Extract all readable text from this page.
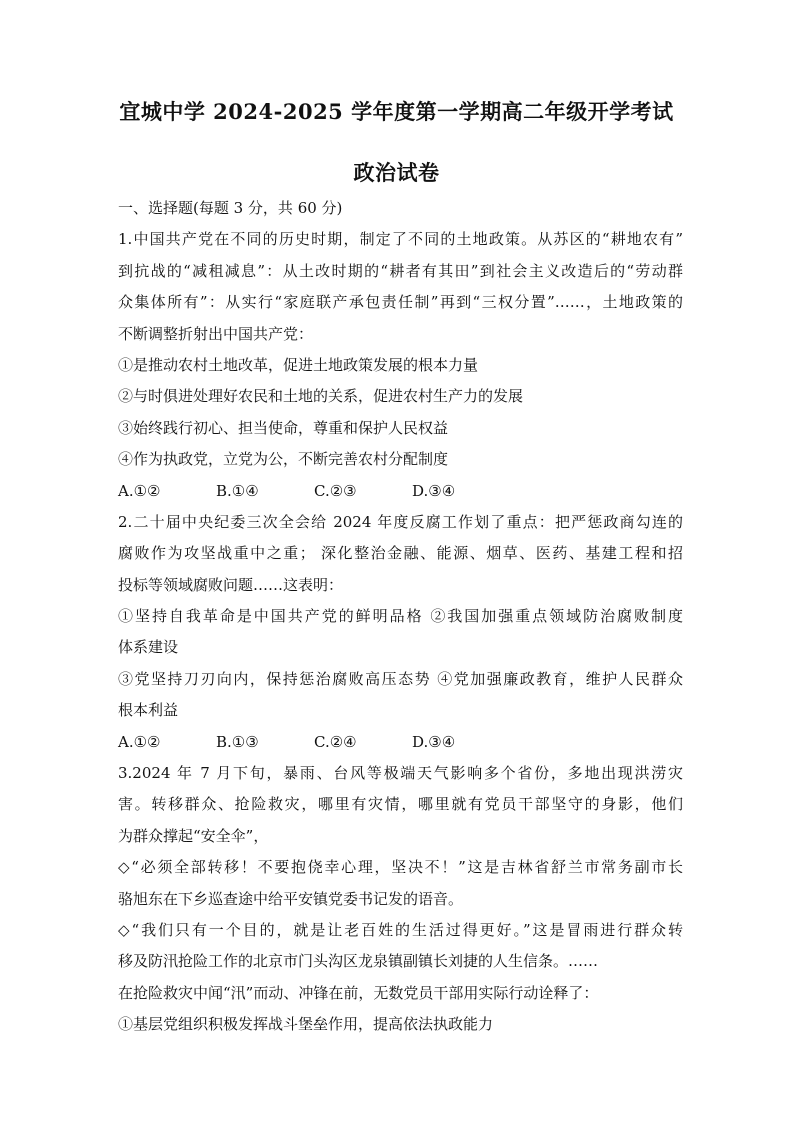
宜城中学 2024-2025 学年度第一学期高二年级开学考试
政治试卷
一、选择题(每题 3 分，共 60 分)
1.中国共产党在不同的历史时期，制定了不同的土地政策。从苏区的“耕地农有”
到抗战的“减租减息”：从土改时期的“耕者有其田”到社会主义改造后的“劳动群
众集体所有”：从实行“家庭联产承包责任制”再到“三权分置”……，土地政策的
不断调整折射出中国共产党：
①是推动农村土地改革，促进土地政策发展的根本力量
②与时俱进处理好农民和土地的关系，促进农村生产力的发展
③始终践行初心、担当使命，尊重和保护人民权益
④作为执政党，立党为公，不断完善农村分配制度
A.①②	B.①④	C.②③	D.③④
2.二十届中央纪委三次全会给 2024 年度反腐工作划了重点：把严惩政商勾连的
腐败作为攻坚战重中之重； 深化整治金融、能源、烟草、医药、基建工程和招
投标等领域腐败问题……这表明：
①坚持自我革命是中国共产党的鲜明品格 ②我国加强重点领域防治腐败制度
体系建设
③党坚持刀刃向内，保持惩治腐败高压态势 ④党加强廉政教育，维护人民群众
根本利益
A.①②	B.①③	C.②④	D.③④
3.2024 年 7 月下旬，暴雨、台风等极端天气影响多个省份，多地出现洪涝灾
害。转移群众、抢险救灾，哪里有灾情，哪里就有党员干部坚守的身影，他们
为群众撑起“安全伞”，
◇“必须全部转移！不要抱侥幸心理，坚决不！”这是吉林省舒兰市常务副市长
骆旭东在下乡巡查途中给平安镇党委书记发的语音。
◇“我们只有一个目的，就是让老百姓的生活过得更好。”这是冒雨进行群众转
移及防汛抢险工作的北京市门头沟区龙泉镇副镇长刘捷的人生信条。……
在抢险救灾中闻“汛”而动、冲锋在前，无数党员干部用实际行动诠释了：
①基层党组织积极发挥战斗堡垒作用，提高依法执政能力
